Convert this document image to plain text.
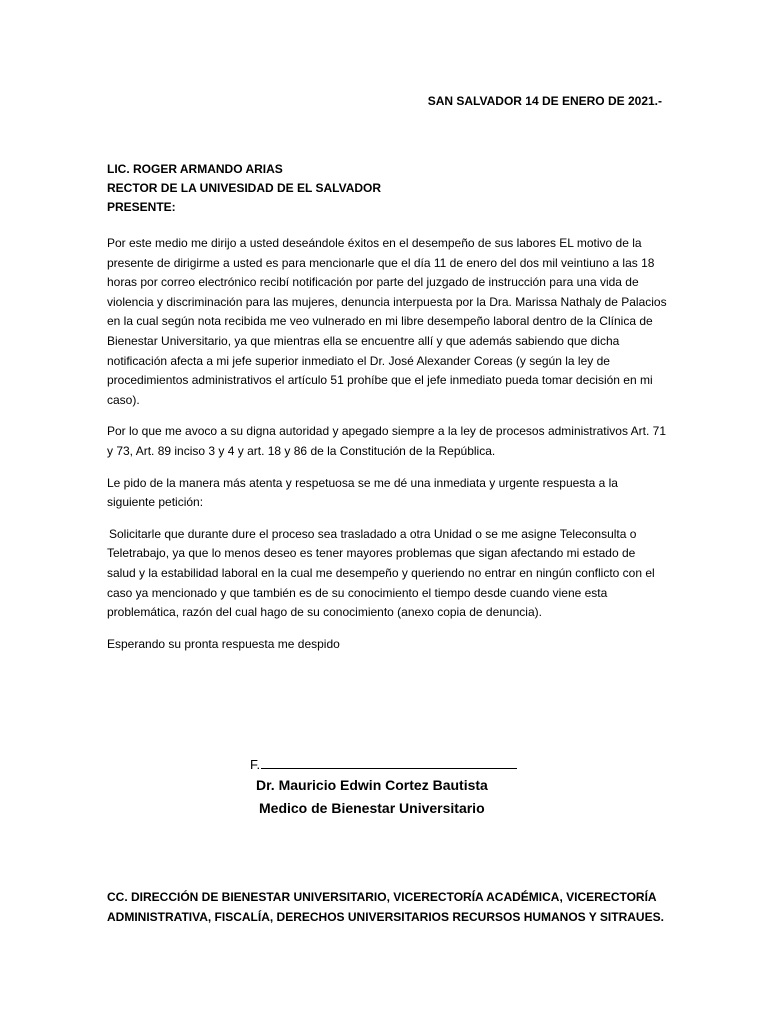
SAN SALVADOR 14 DE ENERO DE 2021.-
LIC. ROGER ARMANDO ARIAS
RECTOR DE LA UNIVESIDAD DE EL SALVADOR
PRESENTE:

Por este medio me dirijo a usted deseándole éxitos en el desempeño de sus labores EL motivo de la presente de dirigirme a usted es para mencionarle que el día 11 de enero del dos mil veintiuno a las 18 horas por correo electrónico recibí notificación por parte del juzgado de instrucción para una vida de violencia y discriminación para las mujeres, denuncia interpuesta por la Dra. Marissa Nathaly de Palacios en la cual según nota recibida me veo vulnerado en mi libre desempeño laboral dentro de la Clínica de Bienestar Universitario, ya que mientras ella se encuentre allí y que además sabiendo que dicha notificación afecta a mi jefe superior inmediato el Dr. José Alexander Coreas (y según la ley de procedimientos administrativos el artículo 51 prohíbe que el jefe inmediato pueda tomar decisión en mi caso).

Por lo que me avoco a su digna autoridad y apegado siempre a la ley de procesos administrativos Art. 71 y 73, Art. 89 inciso 3 y 4 y art. 18 y 86 de la Constitución de la República.

Le pido de la manera más atenta y respetuosa se me dé una inmediata y urgente respuesta a la siguiente petición:

Solicitarle que durante dure el proceso sea trasladado a otra Unidad o se me asigne Teleconsulta o Teletrabajo, ya que lo menos deseo es tener mayores problemas que sigan afectando mi estado de salud y la estabilidad laboral en la cual me desempeño y queriendo no entrar en ningún conflicto con el caso ya mencionado y que también es de su conocimiento el tiempo desde cuando viene esta problemática, razón del cual hago de su conocimiento (anexo copia de denuncia).

Esperando su pronta respuesta me despido

F.
Dr. Mauricio Edwin Cortez Bautista
Medico de Bienestar Universitario
CC. DIRECCIÓN DE BIENESTAR UNIVERSITARIO, VICERECTORÍA ACADÉMICA, VICERECTORÍA ADMINISTRATIVA, FISCALÍA, DERECHOS UNIVERSITARIOS RECURSOS HUMANOS Y SITRAUES.
